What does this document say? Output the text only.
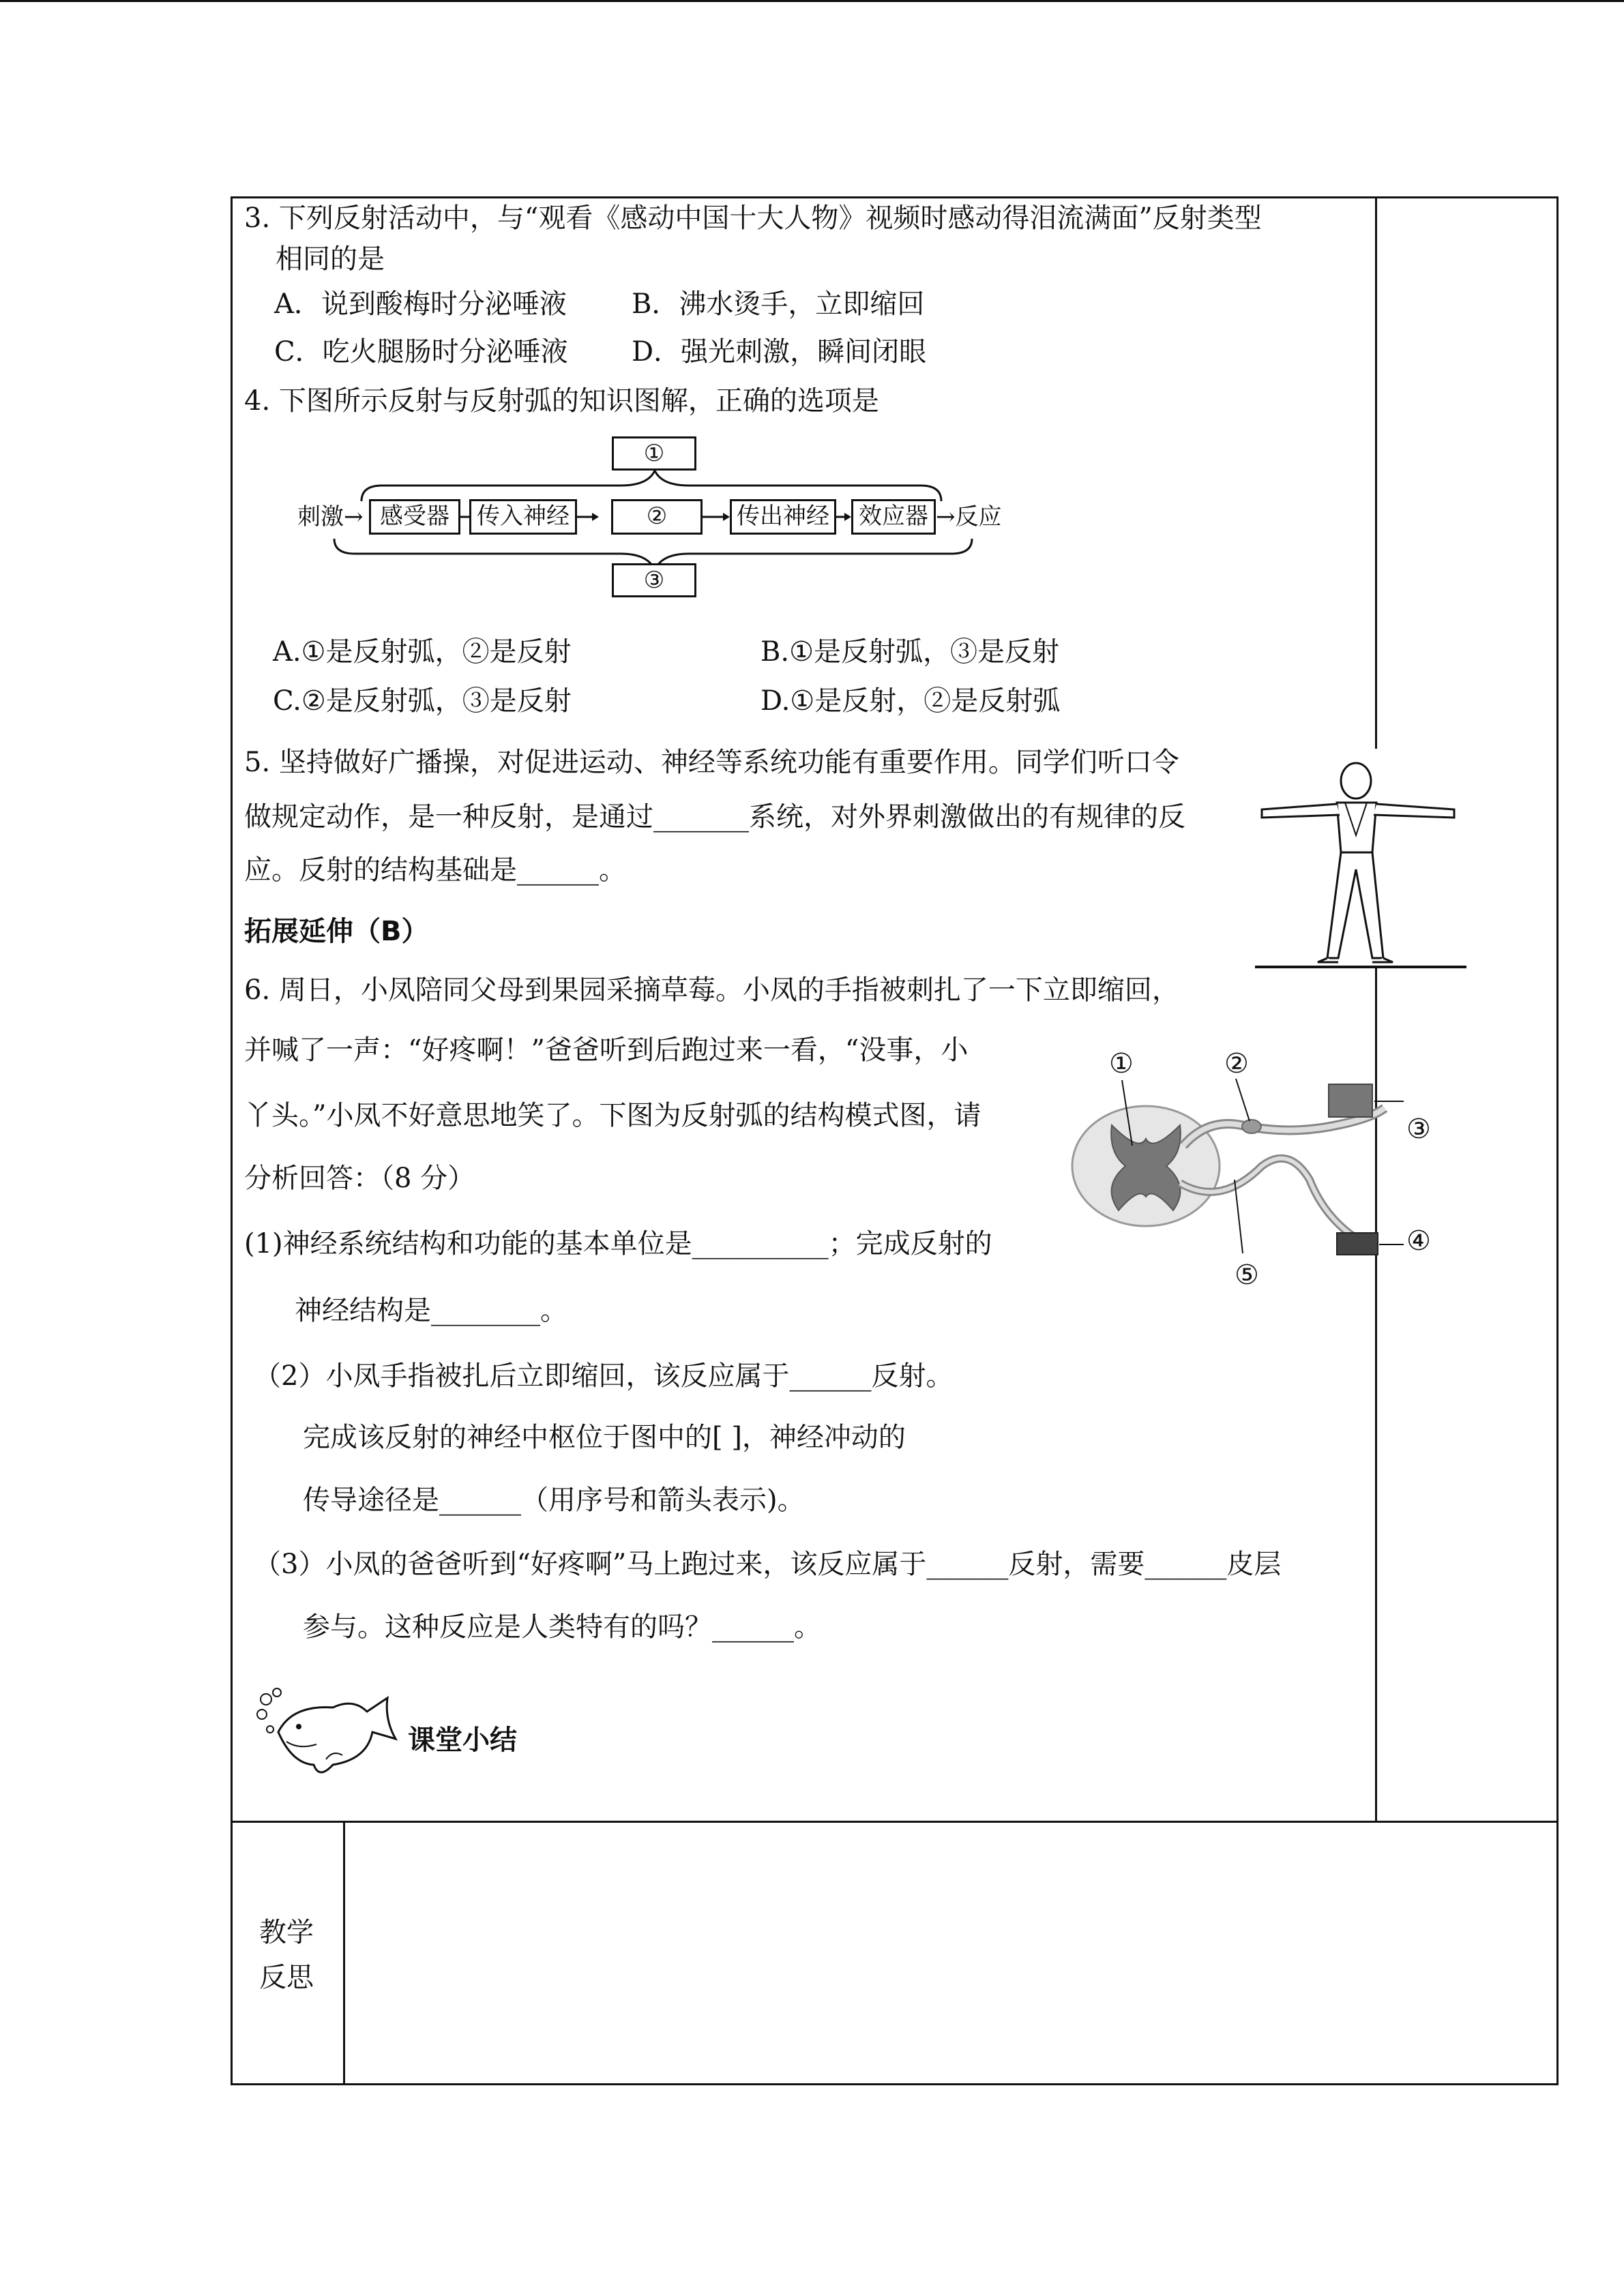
3. 下列反射活动中，与“观看《感动中国十大人物》视频时感动得泪流满面”反射类型
相同的是
A．说到酸梅时分泌唾液 B．沸水烫手，立即缩回
C．吃火腿肠时分泌唾液 D．强光刺激，瞬间闭眼
4. 下图所示反射与反射弧的知识图解，正确的选项是
①
刺激→ 感受器	传入神经	②	传出神经	效应器 →反应
③
A.①是反射弧，②是反射	B.①是反射弧，③是反射
C.②是反射弧，③是反射	D.①是反射，②是反射弧
5. 坚持做好广播操，对促进运动、神经等系统功能有重要作用。同学们听口令
做规定动作，是一种反射，是通过_______系统，对外界刺激做出的有规律的反
应。反射的结构基础是______。
拓展延伸（B）
6. 周日，小凤陪同父母到果园采摘草莓。小凤的手指被刺扎了一下立即缩回，
并喊了一声：“好疼啊！”爸爸听到后跑过来一看，“没事，小
丫头。”小凤不好意思地笑了。下图为反射弧的结构模式图，请
分析回答：（8 分）
(1)神经系统结构和功能的基本单位是__________；完成反射的
神经结构是________。
（2）小凤手指被扎后立即缩回，该反应属于______反射。
完成该反射的神经中枢位于图中的[ ]，神经冲动的
传导途径是______（用序号和箭头表示)。
（3）小凤的爸爸听到“好疼啊”马上跑过来，该反应属于______反射，需要______皮层
参与。这种反应是人类特有的吗？______。
①	②
③
④
⑤
课堂小结
教学
反思
